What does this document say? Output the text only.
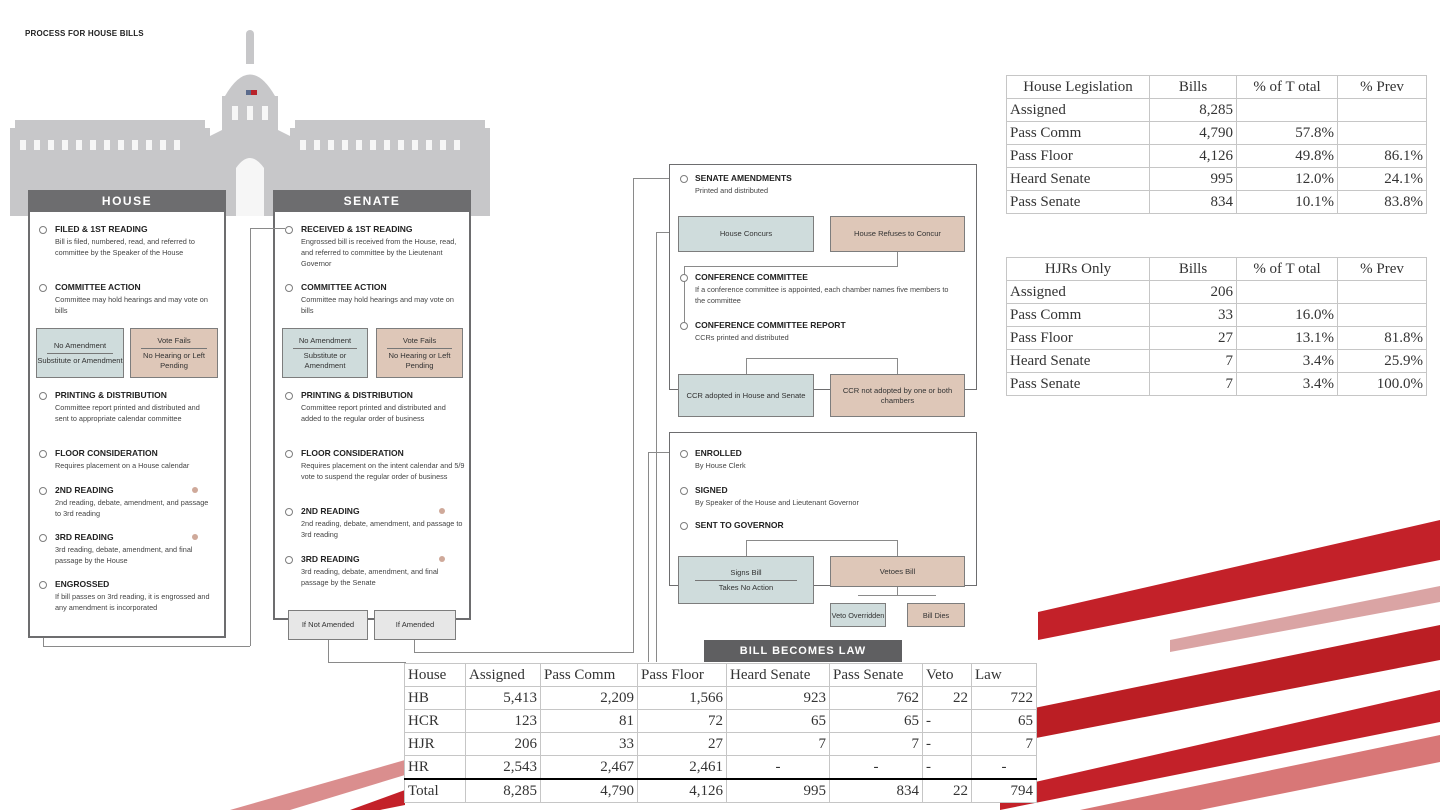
PROCESS FOR HOUSE BILLS
HOUSE
FILED & 1ST READING
Bill is filed, numbered, read, and referred to committee by the Speaker of the House
COMMITTEE ACTION
Committee may hold hearings and may vote on bills
No Amendment
Substitute or Amendment
Vote Fails
No Hearing or Left Pending
PRINTING & DISTRIBUTION
Committee report printed and distributed and sent to appropriate calendar committee
FLOOR CONSIDERATION
Requires placement on a House calendar
2ND READING
2nd reading, debate, amendment, and passage to 3rd reading
3RD READING
3rd reading, debate, amendment, and final passage by the House
ENGROSSED
If bill passes on 3rd reading, it is engrossed and any amendment is incorporated
SENATE
RECEIVED & 1ST READING
Engrossed bill is received from the House, read, and referred to committee by the Lieutenant Governor
COMMITTEE ACTION
Committee may hold hearings and may vote on bills
No Amendment
Substitute or Amendment
Vote Fails
No Hearing or Left Pending
PRINTING & DISTRIBUTION
Committee report printed and distributed and added to the regular order of business
FLOOR CONSIDERATION
Requires placement on the intent calendar and 5/9 vote to suspend the regular order of business
2ND READING
2nd reading, debate, amendment, and passage to 3rd reading
3RD READING
3rd reading, debate, amendment, and final passage by the Senate
If Not Amended	If Amended
SENATE AMENDMENTS
Printed and distributed
House Concurs	House Refuses to Concur
CONFERENCE COMMITTEE
If a conference committee is appointed, each chamber names five members to the committee
CONFERENCE COMMITTEE REPORT
CCRs printed and distributed
CCR adopted in House and Senate
CCR not adopted by one or both chambers
ENROLLED
By House Clerk
SIGNED
By Speaker of the House and Lieutenant Governor
SENT TO GOVERNOR
Signs Bill
Takes No Action
Vetoes Bill
Veto Overridden	Bill Dies
BILL BECOMES LAW
House Legislation	Bills	% of T otal	% Prev
Assigned	8,285		
Pass Comm	4,790	57.8%	
Pass Floor	4,126	49.8%	86.1%
Heard Senate	995	12.0%	24.1%
Pass Senate	834	10.1%	83.8%
HJRs Only	Bills	% of T otal	% Prev
Assigned	206		
Pass Comm	33	16.0%	
Pass Floor	27	13.1%	81.8%
Heard Senate	7	3.4%	25.9%
Pass Senate	7	3.4%	100.0%
House	Assigned	Pass Comm	Pass Floor	Heard Senate	Pass Senate	Veto	Law
HB	5,413	2,209	1,566	923	762	22	722
HCR	123	81	72	65	65	-	65
HJR	206	33	27	7	7	-	7
HR	2,543	2,467	2,461	-	-	-	-
Total	8,285	4,790	4,126	995	834	22	794
